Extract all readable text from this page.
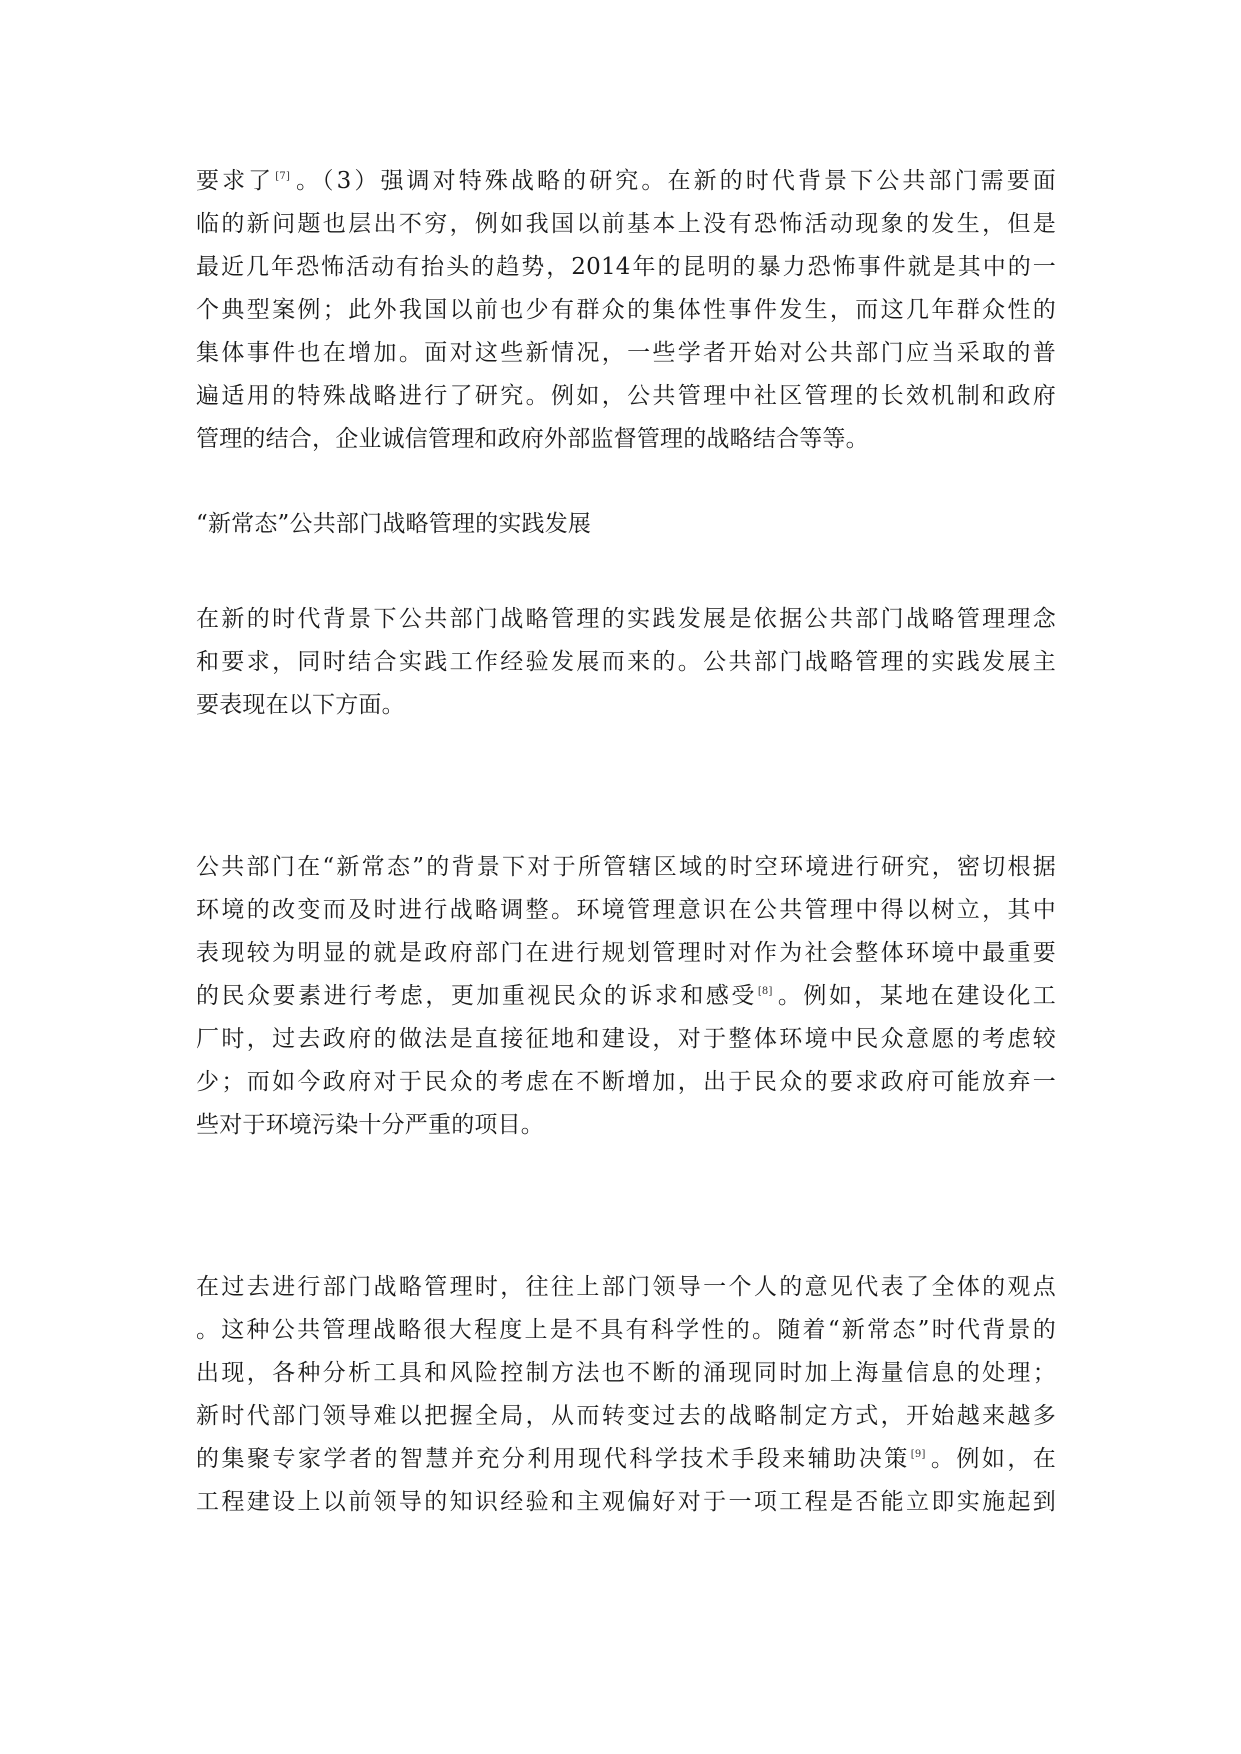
要求了[7] 。（3）强调对特殊战略的研究。在新的时代背景下公共部门需要面
临的新问题也层出不穷，例如我国以前基本上没有恐怖活动现象的发生，但是
最近几年恐怖活动有抬头的趋势，2014年的昆明的暴力恐怖事件就是其中的一
个典型案例；此外我国以前也少有群众的集体性事件发生，而这几年群众性的
集体事件也在增加。面对这些新情况，一些学者开始对公共部门应当采取的普
遍适用的特殊战略进行了研究。例如，公共管理中社区管理的长效机制和政府
管理的结合，企业诚信管理和政府外部监督管理的战略结合等等。
“新常态”公共部门战略管理的实践发展
在新的时代背景下公共部门战略管理的实践发展是依据公共部门战略管理理念
和要求，同时结合实践工作经验发展而来的。公共部门战略管理的实践发展主
要表现在以下方面。
公共部门在“新常态”的背景下对于所管辖区域的时空环境进行研究，密切根据
环境的改变而及时进行战略调整。环境管理意识在公共管理中得以树立，其中
表现较为明显的就是政府部门在进行规划管理时对作为社会整体环境中最重要
的民众要素进行考虑，更加重视民众的诉求和感受[8] 。例如，某地在建设化工
厂时，过去政府的做法是直接征地和建设，对于整体环境中民众意愿的考虑较
少；而如今政府对于民众的考虑在不断增加，出于民众的要求政府可能放弃一
些对于环境污染十分严重的项目。
在过去进行部门战略管理时，往往上部门领导一个人的意见代表了全体的观点
。这种公共管理战略很大程度上是不具有科学性的。随着“新常态”时代背景的
出现，各种分析工具和风险控制方法也不断的涌现同时加上海量信息的处理；
新时代部门领导难以把握全局，从而转变过去的战略制定方式，开始越来越多
的集聚专家学者的智慧并充分利用现代科学技术手段来辅助决策[9] 。例如，在
工程建设上以前领导的知识经验和主观偏好对于一项工程是否能立即实施起到
